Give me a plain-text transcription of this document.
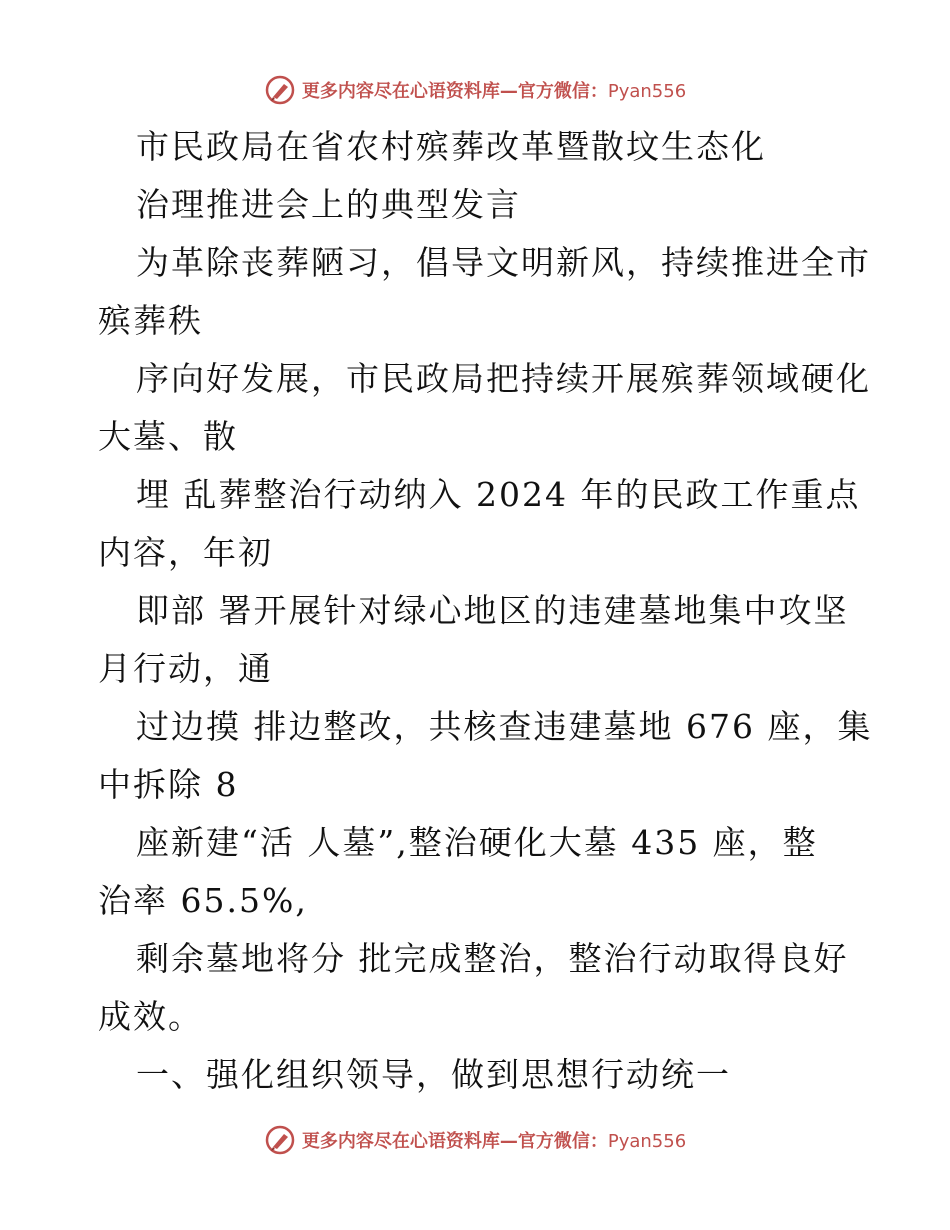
更多内容尽在心语资料库—官方微信：Pyan556
市民政局在省农村殡葬改革暨散坟生态化
治理推进会上的典型发言
为革除丧葬陋习，倡导文明新风，持续推进全市
殡葬秩
序向好发展，市民政局把持续开展殡葬领域硬化
大墓、散
埋 乱葬整治行动纳入 2024 年的民政工作重点
内容，年初
即部 署开展针对绿心地区的违建墓地集中攻坚
月行动，通
过边摸 排边整改，共核查违建墓地 676 座，集
中拆除 8
座新建“活 人墓”,整治硬化大墓 435 座，整
治率 65.5%,
剩余墓地将分 批完成整治，整治行动取得良好
成效。
一、强化组织领导，做到思想行动统一
更多内容尽在心语资料库—官方微信：Pyan556
